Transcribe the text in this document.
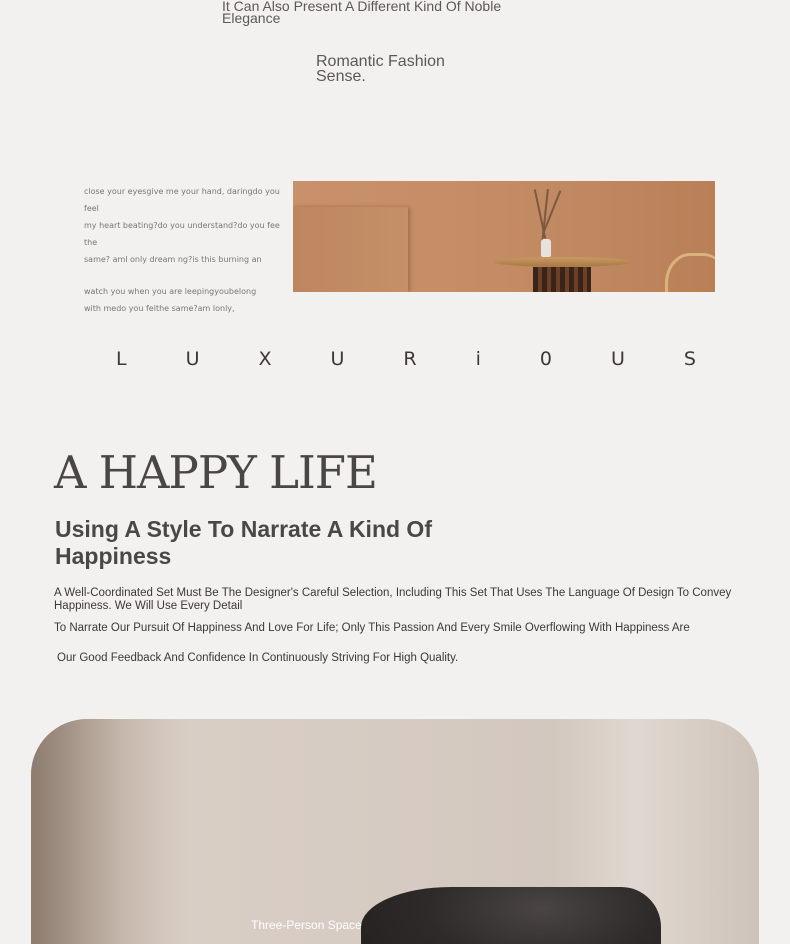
It Can Also Present A Different Kind Of Noble Elegance
Romantic Fashion Sense.

close your eyesgive me your hand, daringdo you feel

my heart beating?do you understand?do you fee the

same? aml only dream ng?is this burning an

watch you when you are leepingyoubelong

with medo you felthe same?am lonly,

L	U	X	U	R	i	0	U	S
A HAPPY LIFE
Using A Style To Narrate A Kind Of Happiness
A Well-Coordinated Set Must Be The Designer's Careful Selection, Including This Set That Uses The Language Of Design To Convey Happiness. We Will Use Every Detail
To Narrate Our Pursuit Of Happiness And Love For Life; Only This Passion And Every Smile Overflowing With Happiness Are
Our Good Feedback And Confidence In Continuously Striving For High Quality.
Three-Person Space
